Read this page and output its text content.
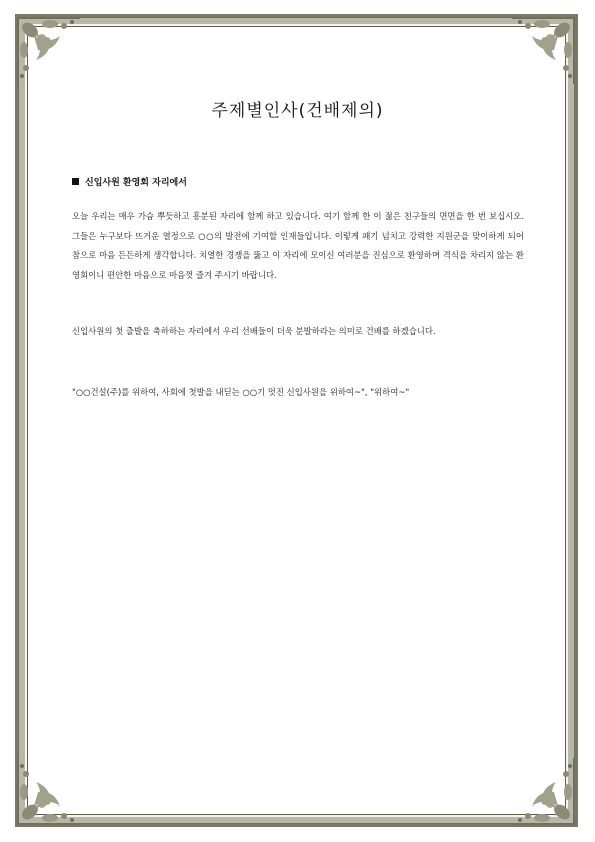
주제별인사(건배제의)

신입사원 환영회 자리에서

오늘 우리는 매우 가슴 뿌듯하고 흥분된 자리에 함께 하고 있습니다. 여기 함께 한 이 젊은 친구들의 면면을 한 번 보십시오. 그들은 누구보다 뜨거운 열정으로 ○○의 발전에 기여할 인재들입니다. 이렇게 패기 넘치고 강력한 지원군을 맞이하게 되어 참으로 마음 든든하게 생각합니다. 치열한 경쟁을 뚫고 이 자리에 모이신 여러분을 진심으로 환영하며 격식을 차리지 않는 환영회이니 편안한 마음으로 마음껏 즐겨 주시기 바랍니다.

신입사원의 첫 출발을 축하하는 자리에서 우리 선배들이 더욱 분발하라는 의미로 건배를 하겠습니다.

"○○건설(주)를 위하여, 사회에 첫발을 내딛는 ○○기 멋진 신입사원을 위하여~", "위하여~"
